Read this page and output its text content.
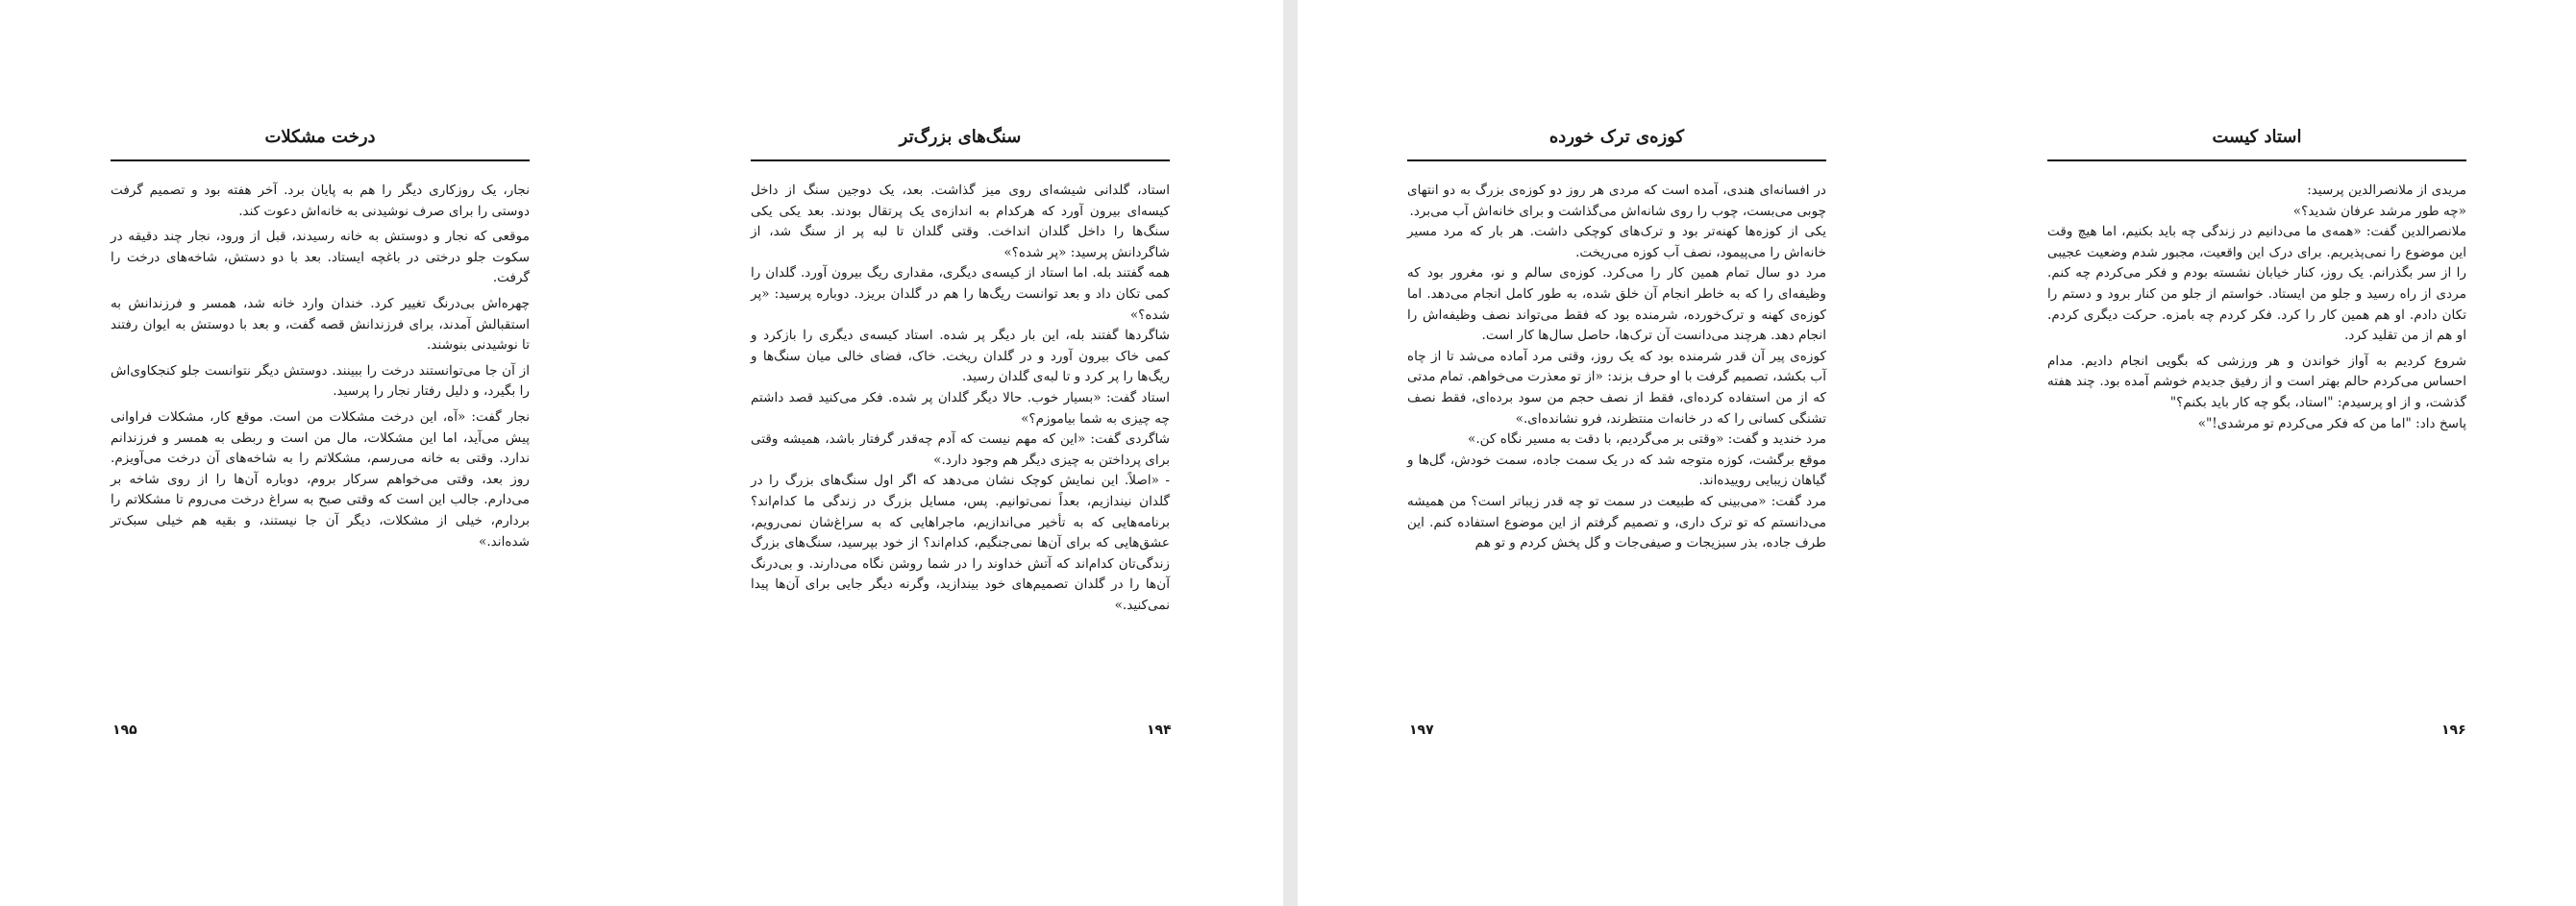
درخت مشکلات

نجار، یک روزکاری دیگر را هم به پایان برد. آخر هفته بود و تصمیم گرفت دوستی را برای صرف نوشیدنی به خانه‌اش دعوت کند.

موقعی که نجار و دوستش به خانه رسیدند، قبل از ورود، نجار چند دقیقه در سکوت جلو درختی در باغچه ایستاد. بعد با دو دستش، شاخه‌های درخت را گرفت.

چهره‌اش بی‌درنگ تغییر کرد. خندان وارد خانه شد، همسر و فرزندانش به استقبالش آمدند، برای فرزندانش قصه گفت، و بعد با دوستش به ایوان رفتند تا نوشیدنی بنوشند.

از آن جا می‌توانستند درخت را ببینند. دوستش دیگر نتوانست جلو کنجکاوی‌اش را بگیرد، و دلیل رفتار نجار را پرسید.

نجار گفت: «آه، این درخت مشکلات من است. موقع کار، مشکلات فراوانی پیش می‌آید، اما این مشکلات، مال من است و ربطی به همسر و فرزندانم ندارد. وقتی به خانه می‌رسم، مشکلاتم را به شاخه‌های آن درخت می‌آویزم. روز بعد، وقتی می‌خواهم سرکار بروم، دوباره آن‌ها را از روی شاخه بر می‌دارم. جالب این است که وقتی صبح به سراغ درخت می‌روم تا مشکلاتم را بردارم، خیلی از مشکلات، دیگر آن جا نیستند، و بقیه هم خیلی سبک‌تر شده‌اند.»

۱۹۵
سنگ‌های بزرگ‌تر

استاد، گلدانی شیشه‌ای روی میز گذاشت. بعد، یک دوجین سنگ از داخل کیسه‌ای بیرون آورد که هرکدام به اندازه‌ی یک پرتقال بودند. بعد یکی یکی سنگ‌ها را داخل گلدان انداخت. وقتی گلدان تا لبه پر از سنگ شد، از شاگردانش پرسید: «پر شده؟»

همه گفتند بله. اما استاد از کیسه‌ی دیگری، مقداری ریگ بیرون آورد. گلدان را کمی تکان داد و بعد توانست ریگ‌ها را هم در گلدان بریزد. دوباره پرسید: «پر شده؟»

شاگردها گفتند بله، این بار دیگر پر شده. استاد کیسه‌ی دیگری را بازکرد و کمی خاک بیرون آورد و در گلدان ریخت. خاک، فضای خالی میان سنگ‌ها و ریگ‌ها را پر کرد و تا لبه‌ی گلدان رسید.

استاد گفت: «بسیار خوب. حالا دیگر گلدان پر شده. فکر می‌کنید قصد داشتم چه چیزی به شما بیاموزم؟»

شاگردی گفت: «این که مهم نیست که آدم چه‌قدر گرفتار باشد، همیشه وقتی برای پرداختن به چیزی دیگر هم وجود دارد.»

- «اصلاً. این نمایش کوچک نشان می‌دهد که اگر اول سنگ‌های بزرگ را در گلدان نیندازیم، بعداً نمی‌توانیم. پس، مسایل بزرگ در زندگی ما کدام‌اند؟ برنامه‌هایی که به تأخیر می‌اندازیم، ماجراهایی که به سراغ‌شان نمی‌رویم، عشق‌هایی که برای آن‌ها نمی‌جنگیم، کدام‌اند؟ از خود بپرسید، سنگ‌های بزرگ زندگی‌تان کدام‌اند که آتش خداوند را در شما روشن نگاه می‌دارند. و بی‌درنگ آن‌ها را در گلدان تصمیم‌های خود بیندازید، وگرنه دیگر جایی برای آن‌ها پیدا نمی‌کنید.»

۱۹۴
کوزه‌ی ترک خورده

در افسانه‌ای هندی، آمده است که مردی هر روز دو کوزه‌ی بزرگ به دو انتهای چوبی می‌بست، چوب را روی شانه‌اش می‌گذاشت و برای خانه‌اش آب می‌برد.

یکی از کوزه‌ها کهنه‌تر بود و ترک‌های کوچکی داشت. هر بار که مرد مسیر خانه‌اش را می‌پیمود، نصف آب کوزه می‌ریخت.

مرد دو سال تمام همین کار را می‌کرد. کوزه‌ی سالم و نو، مغرور بود که وظیفه‌ای را که به خاطر انجام آن خلق شده، به طور کامل انجام می‌دهد. اما کوزه‌ی کهنه و ترک‌خورده، شرمنده بود که فقط می‌تواند نصف وظیفه‌اش را انجام دهد. هرچند می‌دانست آن ترک‌ها، حاصل سال‌ها کار است.

کوزه‌ی پیر آن قدر شرمنده بود که یک روز، وقتی مرد آماده می‌شد تا از چاه آب بکشد، تصمیم گرفت با او حرف بزند: «از تو معذرت می‌خواهم. تمام مدتی که از من استفاده کرده‌ای، فقط از نصف حجم من سود برده‌ای، فقط نصف تشنگی کسانی را که در خانه‌ات منتظرند، فرو نشانده‌ای.»

مرد خندید و گفت: «وقتی بر می‌گردیم، با دقت به مسیر نگاه کن.»

موقع برگشت، کوزه متوجه شد که در یک سمت جاده، سمت خودش، گل‌ها و گیاهان زیبایی روییده‌اند.

مرد گفت: «می‌بینی که طبیعت در سمت تو چه قدر زیباتر است؟ من همیشه می‌دانستم که تو ترک داری، و تصمیم گرفتم از این موضوع استفاده کنم. این طرف جاده، بذر سبزیجات و صیفی‌جات و گل پخش کردم و تو هم

۱۹۷
استاد کیست

مریدی از ملانصرالدین پرسید:

«چه طور مرشد عرفان شدید؟»

ملانصرالدین گفت: «همه‌ی ما می‌دانیم در زندگی چه باید بکنیم، اما هیچ وقت این موضوع را نمی‌پذیریم. برای درک این واقعیت، مجبور شدم وضعیت عجیبی را از سر بگذرانم. یک روز، کنار خیابان نشسته بودم و فکر می‌کردم چه کنم. مردی از راه رسید و جلو من ایستاد. خواستم از جلو من کنار برود و دستم را تکان دادم. او هم همین کار را کرد. فکر کردم چه بامزه. حرکت دیگری کردم. او هم از من تقلید کرد.

شروع کردیم به آواز خواندن و هر ورزشی که بگویی انجام دادیم. مدام احساس می‌کردم حالم بهتر است و از رفیق جدیدم خوشم آمده بود. چند هفته گذشت، و از او پرسیدم: "استاد، بگو چه کار باید بکنم؟"

پاسخ داد: "اما من که فکر می‌کردم تو مرشدی!"»

۱۹۶
